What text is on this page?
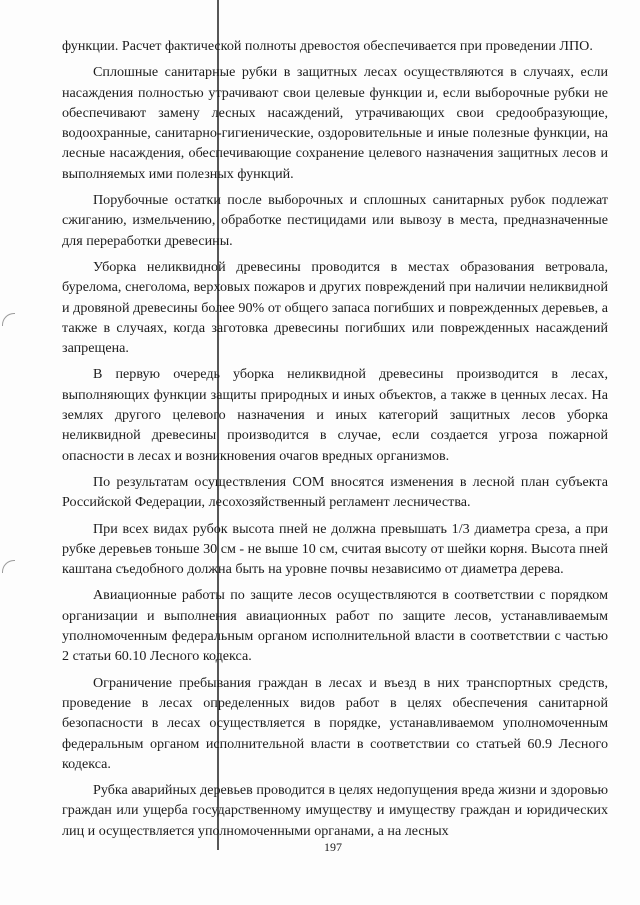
функции. Расчет фактической полноты древостоя обеспечивается при проведении ЛПО.

Сплошные санитарные рубки в защитных лесах осуществляются в случаях, если насаждения полностью утрачивают свои целевые функции и, если выборочные рубки не обеспечивают замену лесных насаждений, утрачивающих свои средообразующие, водоохранные, санитарно-гигиенические, оздоровительные и иные полезные функции, на лесные насаждения, обеспечивающие сохранение целевого назначения защитных лесов и выполняемых ими полезных функций.

Порубочные остатки после выборочных и сплошных санитарных рубок подлежат сжиганию, измельчению, обработке пестицидами или вывозу в места, предназначенные для переработки древесины.

Уборка неликвидной древесины проводится в местах образования ветровала, бурелома, снеголома, верховых пожаров и других повреждений при наличии неликвидной и дровяной древесины более 90% от общего запаса погибших и поврежденных деревьев, а также в случаях, когда заготовка древесины погибших или поврежденных насаждений запрещена.

В первую очередь уборка неликвидной древесины производится в лесах, выполняющих функции защиты природных и иных объектов, а также в ценных лесах. На землях другого целевого назначения и иных категорий защитных лесов уборка неликвидной древесины производится в случае, если создается угроза пожарной опасности в лесах и возникновения очагов вредных организмов.

По результатам осуществления СОМ вносятся изменения в лесной план субъекта Российской Федерации, лесохозяйственный регламент лесничества.

При всех видах рубок высота пней не должна превышать 1/3 диаметра среза, а при рубке деревьев тоньше 30 см - не выше 10 см, считая высоту от шейки корня. Высота пней каштана съедобного должна быть на уровне почвы независимо от диаметра дерева.

Авиационные работы по защите лесов осуществляются в соответствии с порядком организации и выполнения авиационных работ по защите лесов, устанавливаемым уполномоченным федеральным органом исполнительной власти в соответствии с частью 2 статьи 60.10 Лесного кодекса.

Ограничение пребывания граждан в лесах и въезд в них транспортных средств, проведение в лесах определенных видов работ в целях обеспечения санитарной безопасности в лесах осуществляется в порядке, устанавливаемом уполномоченным федеральным органом исполнительной власти в соответствии со статьей 60.9 Лесного кодекса.

Рубка аварийных деревьев проводится в целях недопущения вреда жизни и здоровью граждан или ущерба государственному имуществу и имуществу граждан и юридических лиц и осуществляется уполномоченными органами, а на лесных

197
